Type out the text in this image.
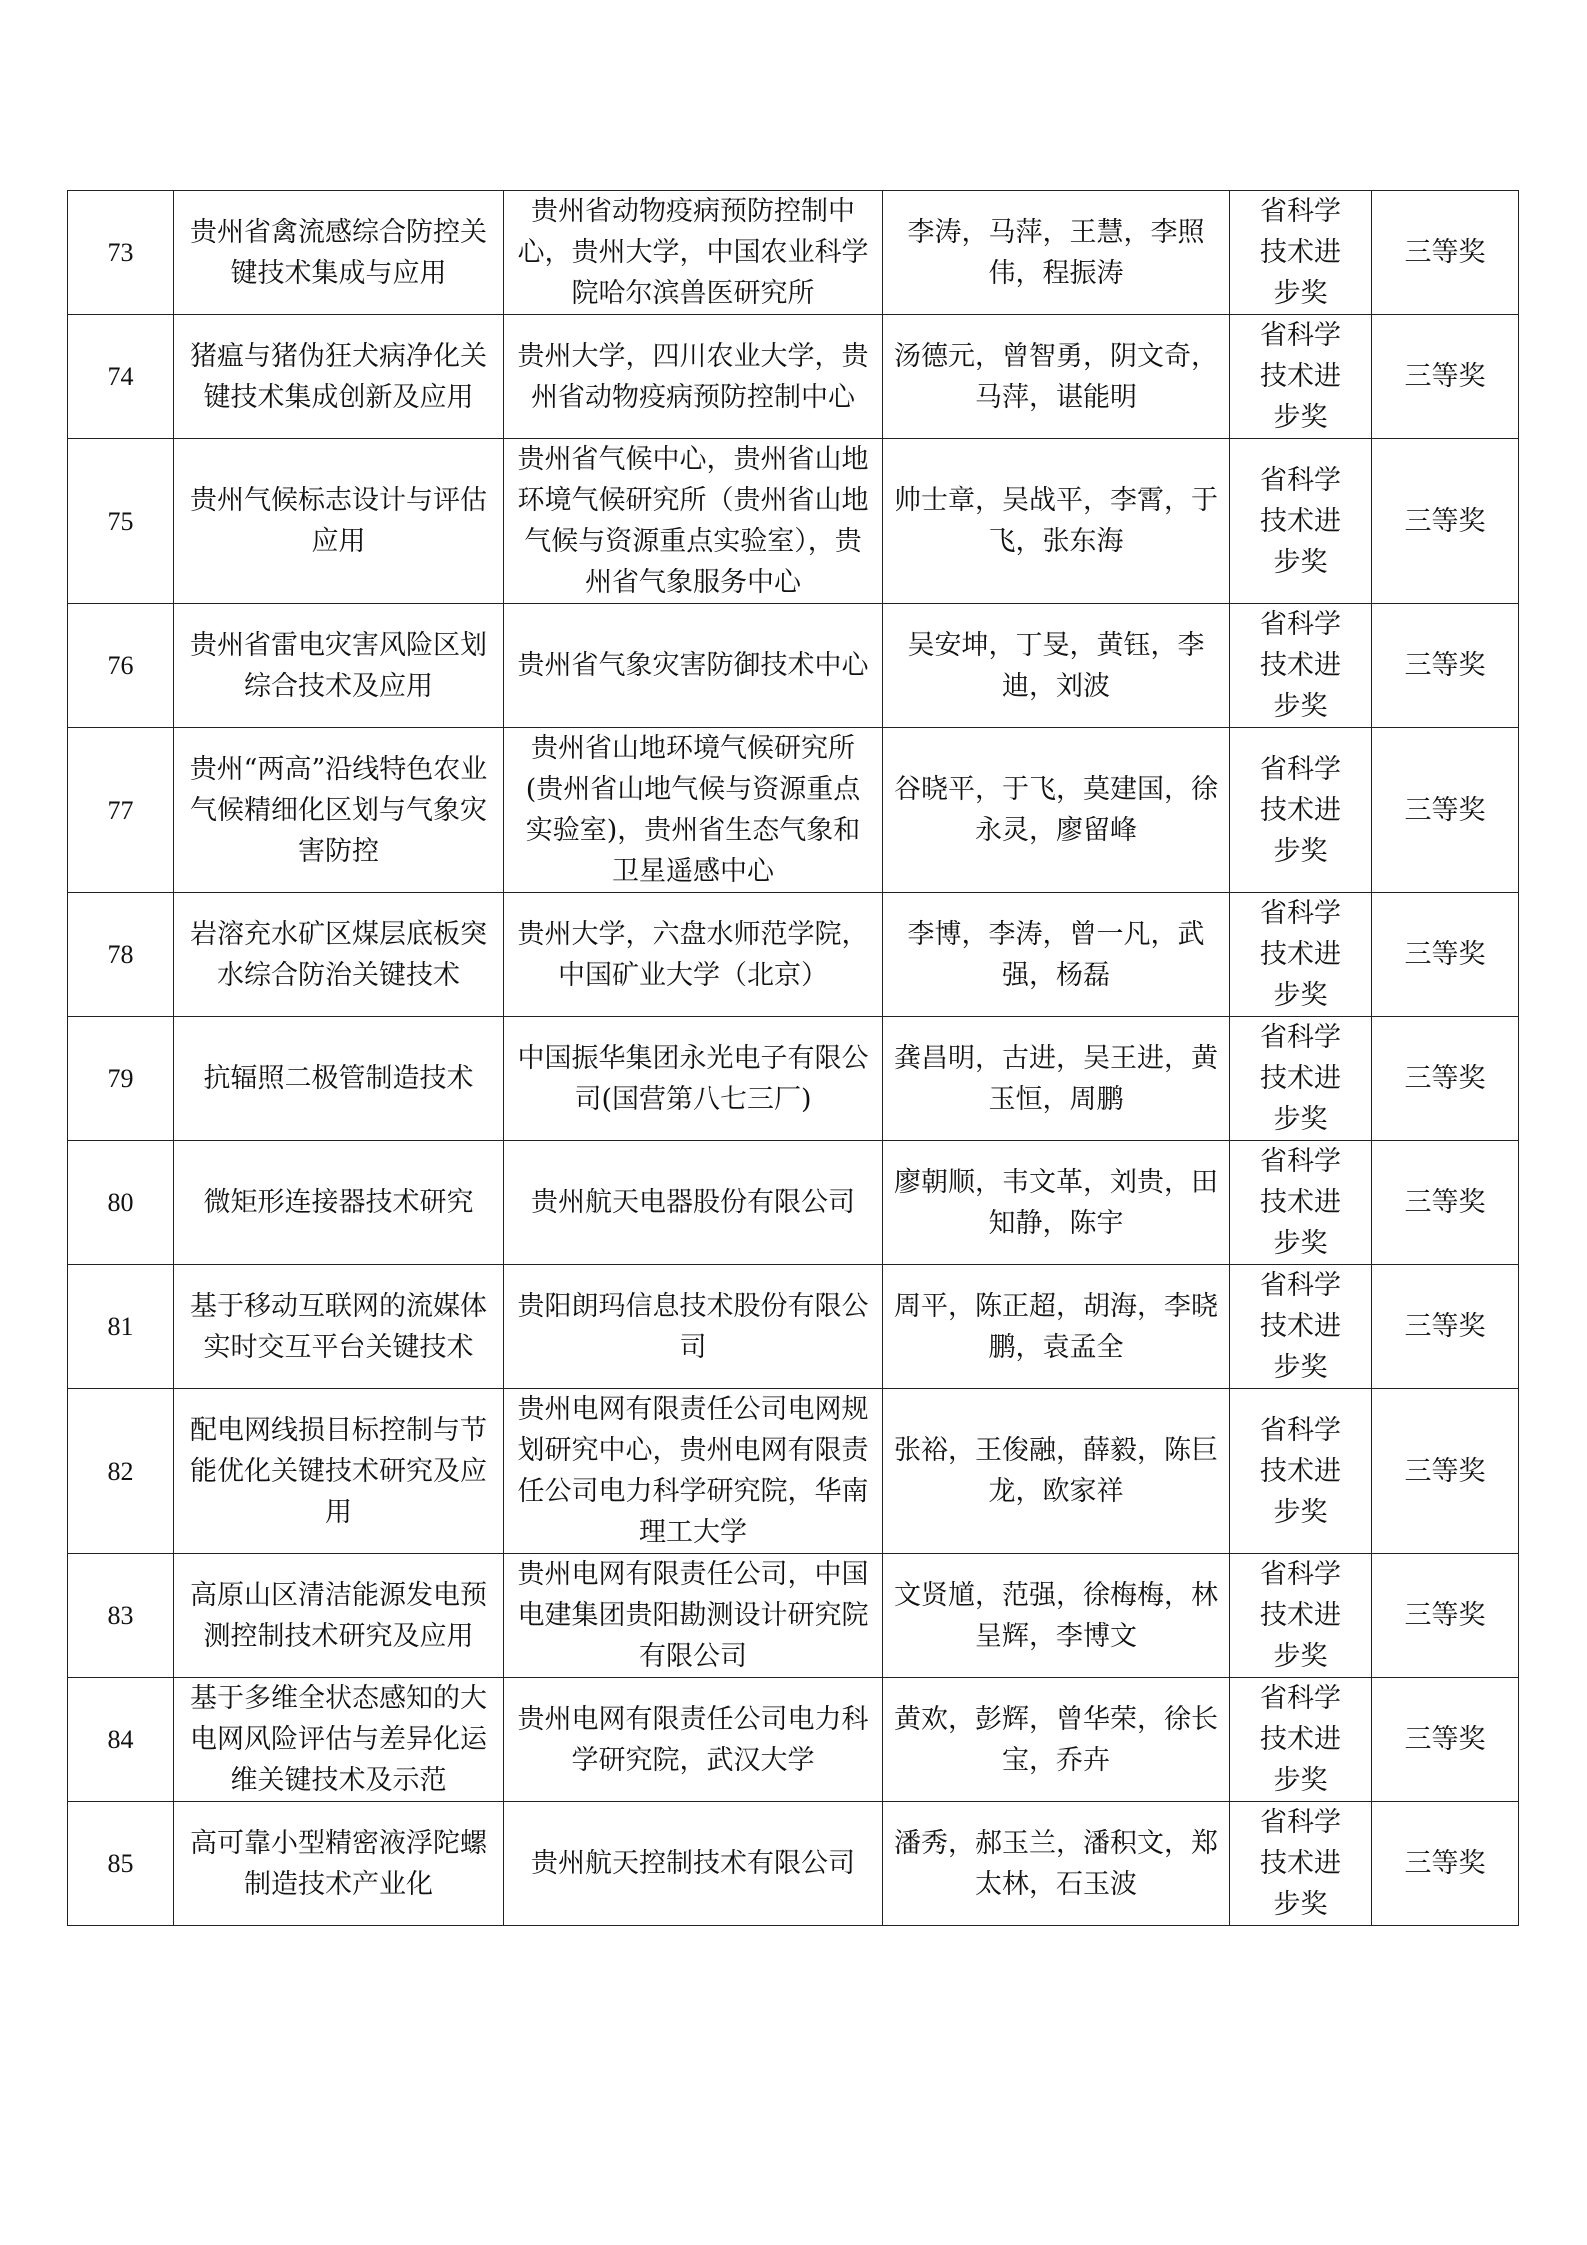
73	贵州省禽流感综合防控关键技术集成与应用	贵州省动物疫病预防控制中心，贵州大学，中国农业科学院哈尔滨兽医研究所	李涛，马萍，王慧，李照伟，程振涛	省科学技术进步奖	三等奖
74	猪瘟与猪伪狂犬病净化关键技术集成创新及应用	贵州大学，四川农业大学，贵州省动物疫病预防控制中心	汤德元，曾智勇，阴文奇，马萍，谌能明	省科学技术进步奖	三等奖
75	贵州气候标志设计与评估应用	贵州省气候中心，贵州省山地环境气候研究所（贵州省山地气候与资源重点实验室），贵州省气象服务中心	帅士章，吴战平，李霄，于飞，张东海	省科学技术进步奖	三等奖
76	贵州省雷电灾害风险区划综合技术及应用	贵州省气象灾害防御技术中心	吴安坤，丁旻，黄钰，李迪，刘波	省科学技术进步奖	三等奖
77	贵州“两高”沿线特色农业气候精细化区划与气象灾害防控	贵州省山地环境气候研究所(贵州省山地气候与资源重点实验室)，贵州省生态气象和卫星遥感中心	谷晓平，于飞，莫建国，徐永灵，廖留峰	省科学技术进步奖	三等奖
78	岩溶充水矿区煤层底板突水综合防治关键技术	贵州大学，六盘水师范学院，中国矿业大学（北京）	李博，李涛，曾一凡，武强，杨磊	省科学技术进步奖	三等奖
79	抗辐照二极管制造技术	中国振华集团永光电子有限公司(国营第八七三厂)	龚昌明，古进，吴王进，黄玉恒，周鹏	省科学技术进步奖	三等奖
80	微矩形连接器技术研究	贵州航天电器股份有限公司	廖朝顺，韦文革，刘贵，田知静，陈宇	省科学技术进步奖	三等奖
81	基于移动互联网的流媒体实时交互平台关键技术	贵阳朗玛信息技术股份有限公司	周平，陈正超，胡海，李晓鹏，袁孟全	省科学技术进步奖	三等奖
82	配电网线损目标控制与节能优化关键技术研究及应用	贵州电网有限责任公司电网规划研究中心，贵州电网有限责任公司电力科学研究院，华南理工大学	张裕，王俊融，薛毅，陈巨龙，欧家祥	省科学技术进步奖	三等奖
83	高原山区清洁能源发电预测控制技术研究及应用	贵州电网有限责任公司，中国电建集团贵阳勘测设计研究院有限公司	文贤馗，范强，徐梅梅，林呈辉，李博文	省科学技术进步奖	三等奖
84	基于多维全状态感知的大电网风险评估与差异化运维关键技术及示范	贵州电网有限责任公司电力科学研究院，武汉大学	黄欢，彭辉，曾华荣，徐长宝，乔卉	省科学技术进步奖	三等奖
85	高可靠小型精密液浮陀螺制造技术产业化	贵州航天控制技术有限公司	潘秀，郝玉兰，潘积文，郑太林，石玉波	省科学技术进步奖	三等奖
